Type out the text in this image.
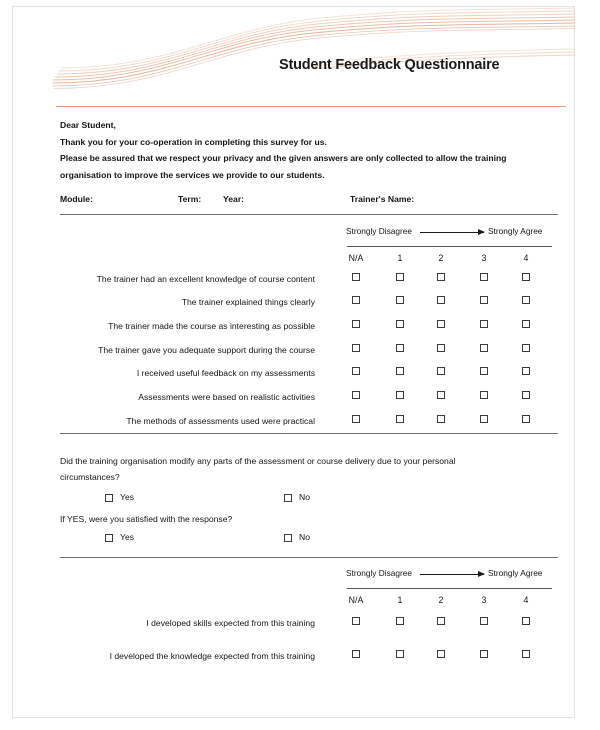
Student Feedback Questionnaire
Dear Student,
Thank you for your co-operation in completing this survey for us.
Please be assured that we respect your privacy and the given answers are only collected to allow the training
organisation to improve the services we provide to our students.
Module:	Term:	Year:	Trainer's Name:
Strongly Disagree	Strongly Agree
N/A	1	2	3	4
The trainer had an excellent knowledge of course content
The trainer explained things clearly
The trainer made the course as interesting as possible
The trainer gave you adequate support during the course
I received useful feedback on my assessments
Assessments were based on realistic activities
The methods of assessments used were practical
Did the training organisation modify any parts of the assessment or course delivery due to your personal
circumstances?
Yes	No
If YES, were you satisfied with the response?
Yes	No
Strongly Disagree	Strongly Agree
N/A	1	2	3	4
I developed skills expected from this training
I developed the knowledge expected from this training
